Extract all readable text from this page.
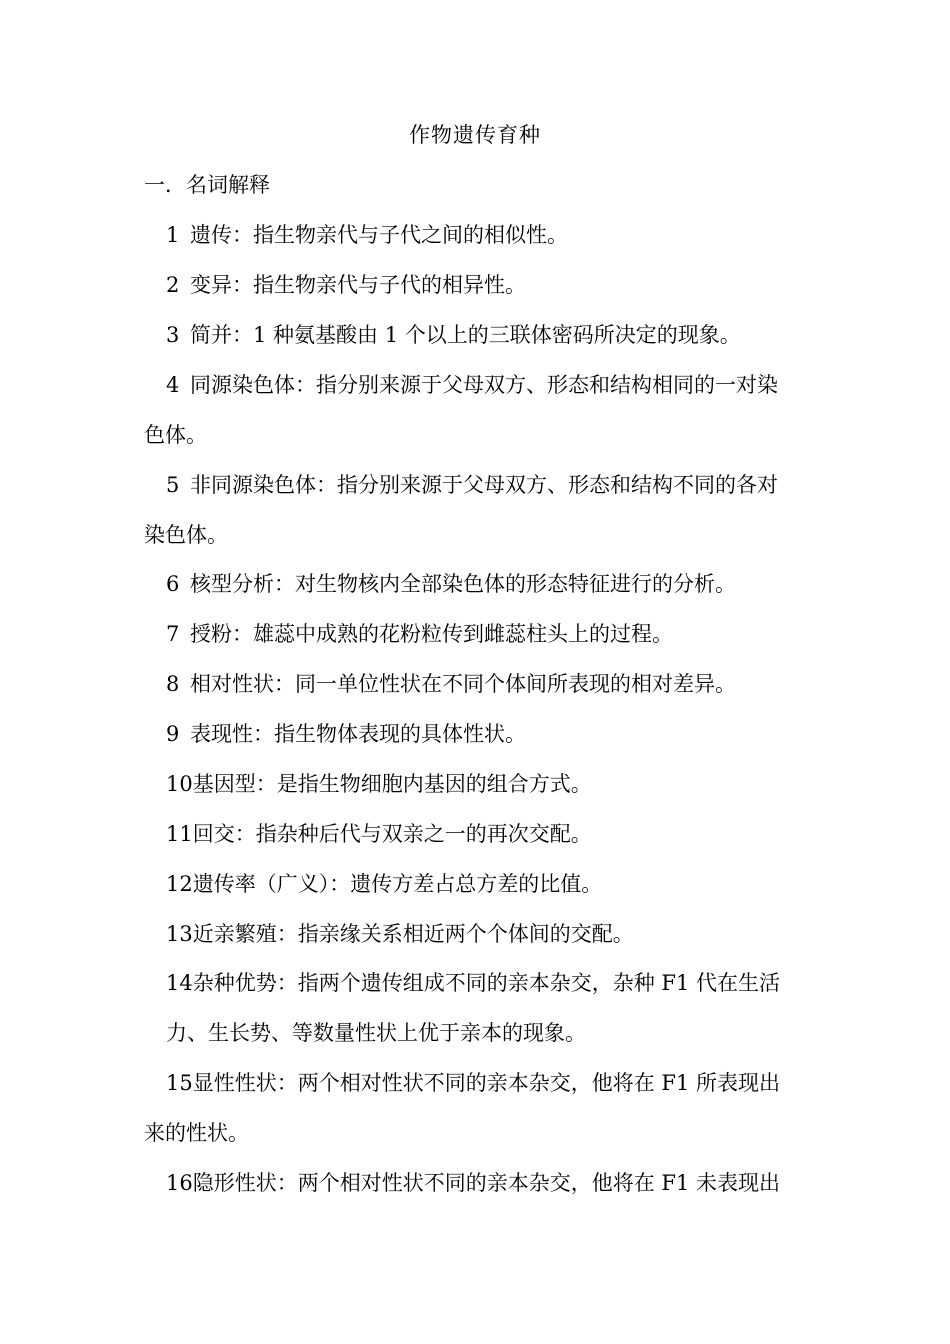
作物遗传育种
一．名词解释
1 遗传：指生物亲代与子代之间的相似性。
2 变异：指生物亲代与子代的相异性。
3 简并：1 种氨基酸由 1 个以上的三联体密码所决定的现象。
4 同源染色体：指分别来源于父母双方、形态和结构相同的一对染
色体。
5 非同源染色体：指分别来源于父母双方、形态和结构不同的各对
染色体。
6 核型分析：对生物核内全部染色体的形态特征进行的分析。
7 授粉：雄蕊中成熟的花粉粒传到雌蕊柱头上的过程。
8 相对性状：同一单位性状在不同个体间所表现的相对差异。
9 表现性：指生物体表现的具体性状。
10基因型：是指生物细胞内基因的组合方式。
11回交：指杂种后代与双亲之一的再次交配。
12遗传率（广义）：遗传方差占总方差的比值。
13近亲繁殖：指亲缘关系相近两个个体间的交配。
14杂种优势：指两个遗传组成不同的亲本杂交，杂种 F1 代在生活
力、生长势、等数量性状上优于亲本的现象。
15显性性状：两个相对性状不同的亲本杂交，他将在 F1 所表现出
来的性状。
16隐形性状：两个相对性状不同的亲本杂交，他将在 F1 未表现出
